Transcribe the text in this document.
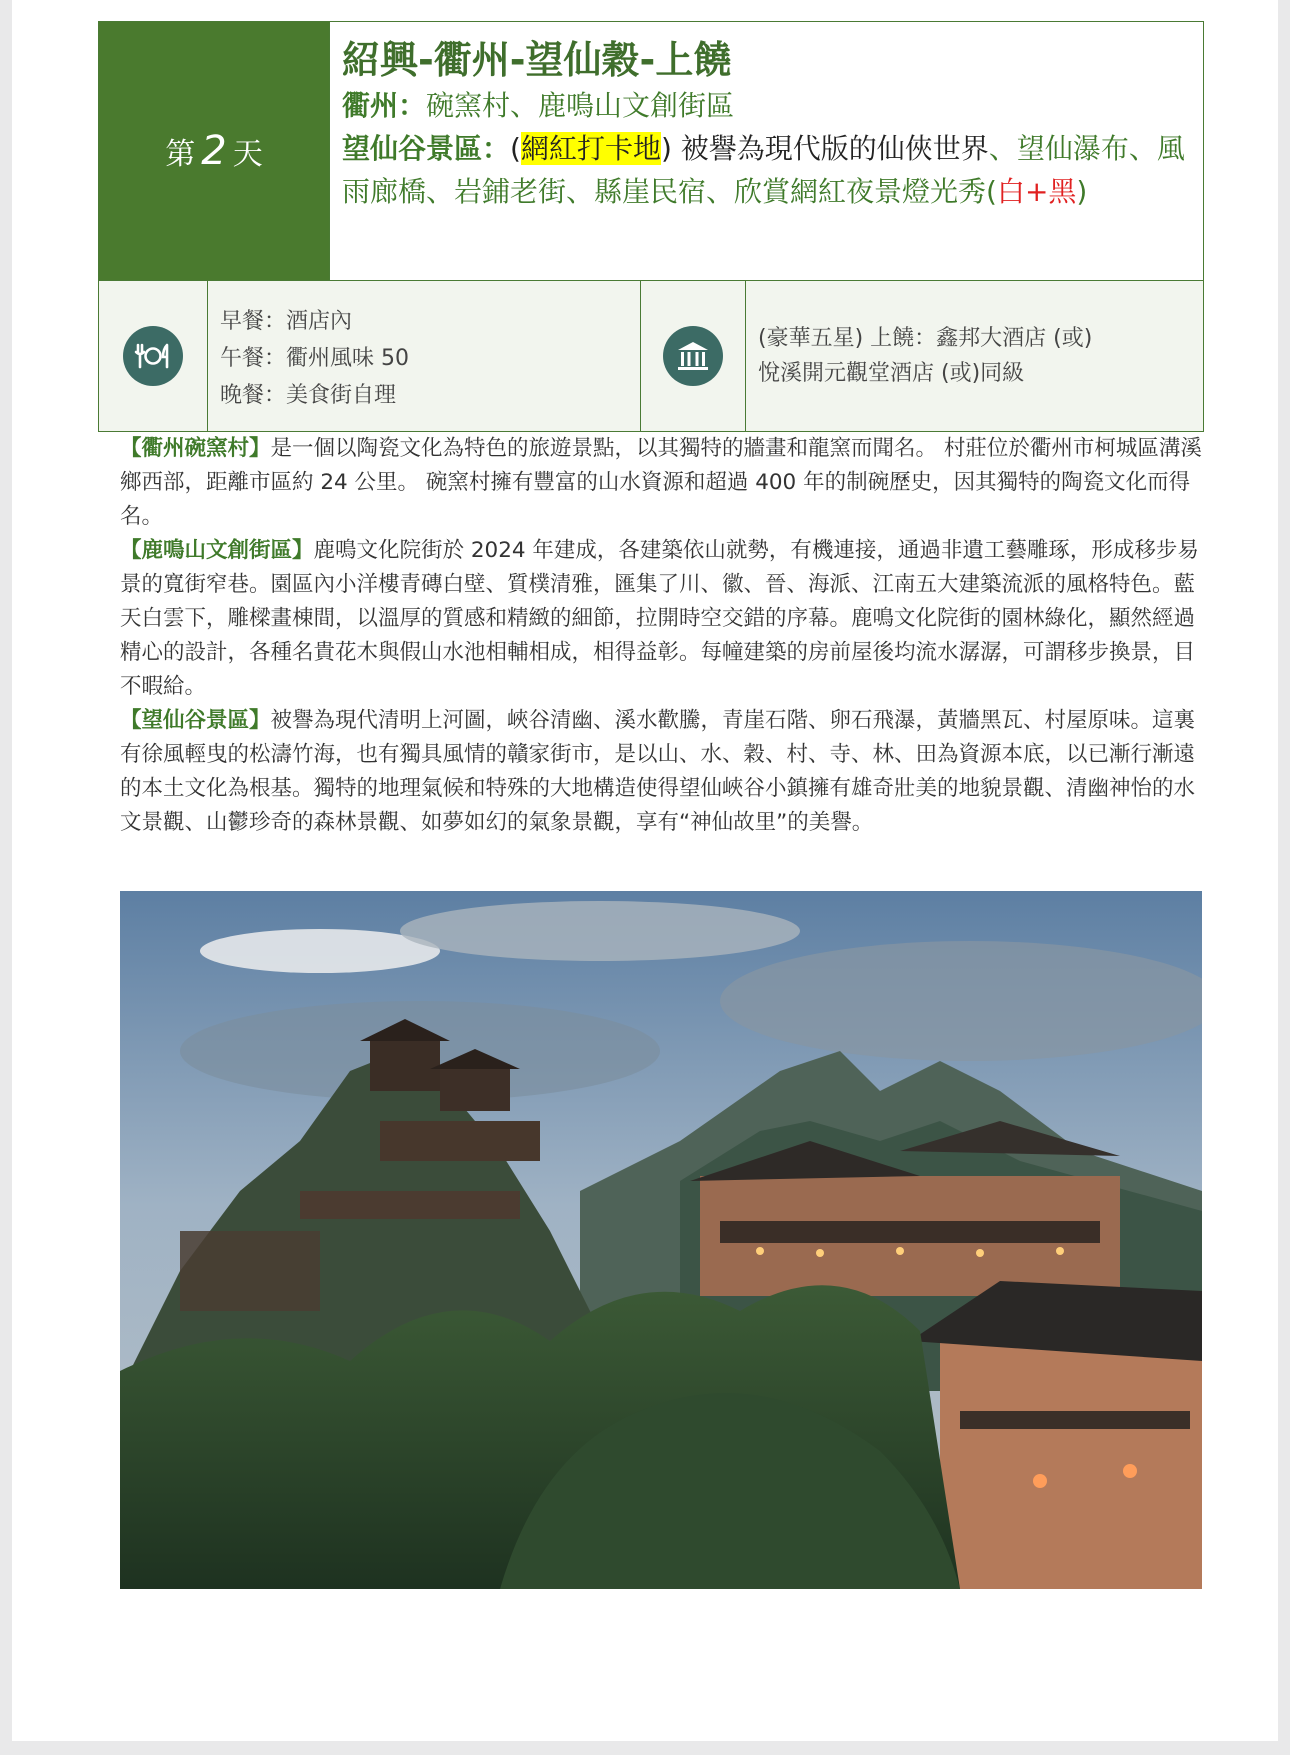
第 2 天
紹興-衢州-望仙穀-上饒
衢州：碗窯村、鹿鳴山文創街區
望仙谷景區：(網紅打卡地) 被譽為現代版的仙俠世界、望仙瀑布、風雨廊橋、岩鋪老街、縣崖民宿、欣賞網紅夜景燈光秀(白+黑)
早餐：酒店內
午餐：衢州風味 50
晚餐：美食街自理
(豪華五星) 上饒：鑫邦大酒店 (或)
悅溪開元觀堂酒店 (或)同級

【衢州碗窯村】是一個以陶瓷文化為特色的旅遊景點，以其獨特的牆畫和龍窯而聞名。 村莊位於衢州市柯城區溝溪鄉西部，距離市區約 24 公里。 碗窯村擁有豐富的山水資源和超過 400 年的制碗歷史，因其獨特的陶瓷文化而得名。

【鹿鳴山文創街區】鹿鳴文化院街於 2024 年建成，各建築依山就勢，有機連接，通過非遺工藝雕琢，形成移步易景的寬街窄巷。園區內小洋樓青磚白壁、質樸清雅，匯集了川、徽、晉、海派、江南五大建築流派的風格特色。藍天白雲下，雕樑畫棟間，以溫厚的質感和精緻的細節，拉開時空交錯的序幕。鹿鳴文化院街的園林綠化，顯然經過精心的設計，各種名貴花木與假山水池相輔相成，相得益彰。每幢建築的房前屋後均流水潺潺，可謂移步換景，目不暇給。

【望仙谷景區】被譽為現代清明上河圖，峽谷清幽、溪水歡騰，青崖石階、卵石飛瀑，黃牆黑瓦、村屋原味。這裏有徐風輕曳的松濤竹海，也有獨具風情的贛家街市，是以山、水、穀、村、寺、林、田為資源本底，以已漸行漸遠的本土文化為根基。獨特的地理氣候和特殊的大地構造使得望仙峽谷小鎮擁有雄奇壯美的地貌景觀、清幽神怡的水文景觀、山鬱珍奇的森林景觀、如夢如幻的氣象景觀，享有“神仙故里”的美譽。
